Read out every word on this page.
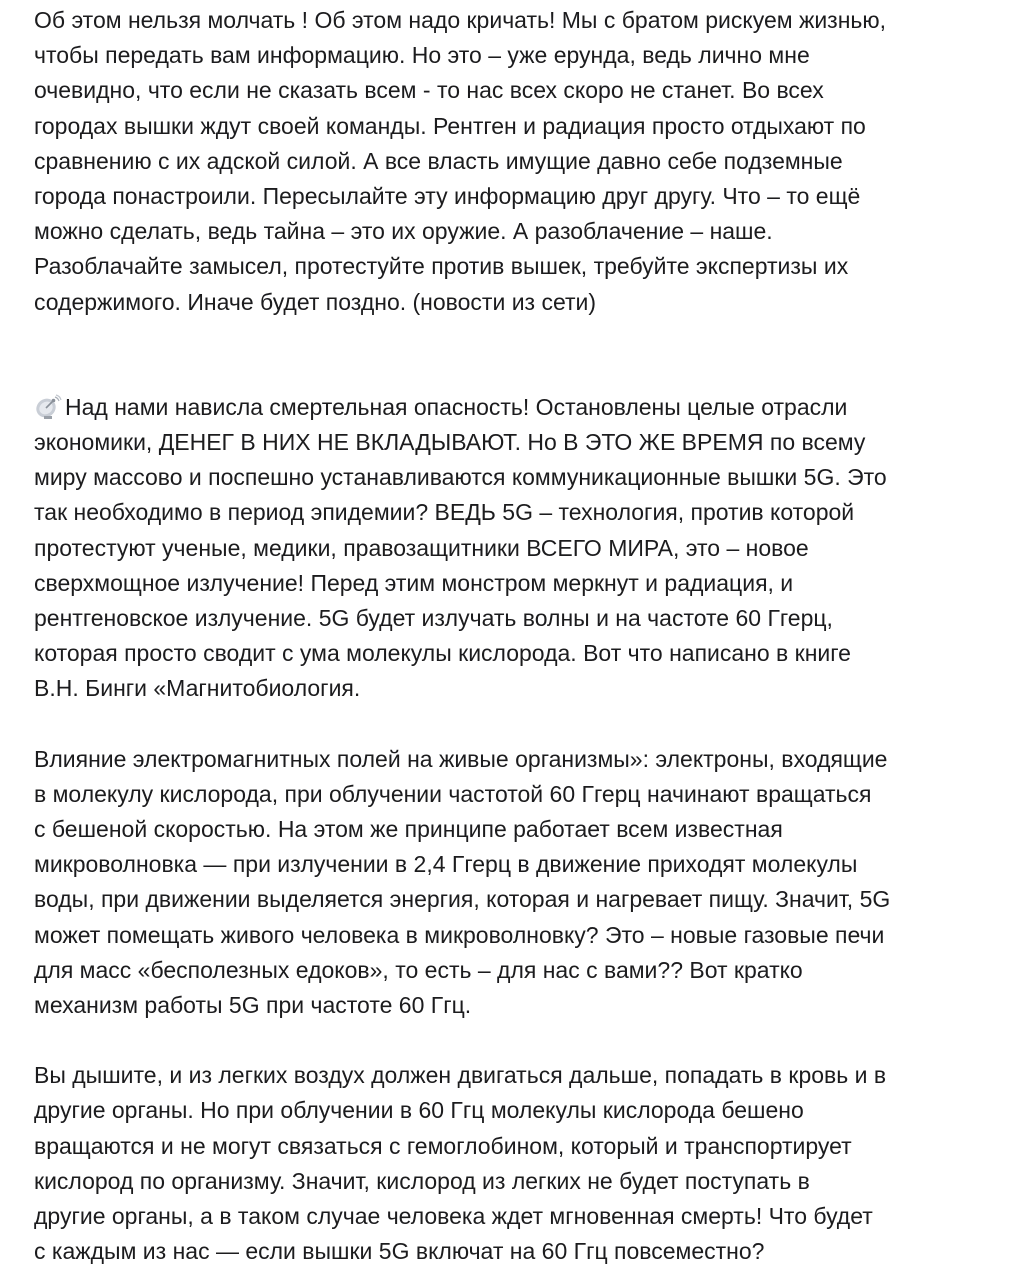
Об этом нельзя молчать ! Об этом надо кричать! Мы с братом рискуем жизнью,
чтобы передать вам информацию. Но это – уже ерунда, ведь лично мне
очевидно, что если не сказать всем - то нас всех скоро не станет. Во всех
городах вышки ждут своей команды. Рентген и радиация просто отдыхают по
сравнению с их адской силой. А все власть имущие давно себе подземные
города понастроили. Пересылайте эту информацию друг другу. Что – то ещё
можно сделать, ведь тайна – это их оружие. А разоблачение – наше.
Разоблачайте замысел, протестуйте против вышек, требуйте экспертизы их
содержимого. Иначе будет поздно. (новости из сети)

Над нами нависла смертельная опасность! Остановлены целые отрасли
экономики, ДЕНЕГ В НИХ НЕ ВКЛАДЫВАЮТ. Но В ЭТО ЖЕ ВРЕМЯ по всему
миру массово и поспешно устанавливаются коммуникационные вышки 5G. Это
так необходимо в период эпидемии? ВЕДЬ 5G – технология, против которой
протестуют ученые, медики, правозащитники ВСЕГО МИРА, это – новое
сверхмощное излучение! Перед этим монстром меркнут и радиация, и
рентгеновское излучение. 5G будет излучать волны и на частоте 60 Ггерц,
которая просто сводит с ума молекулы кислорода. Вот что написано в книге
В.Н. Бинги «Магнитобиология.

Влияние электромагнитных полей на живые организмы»: электроны, входящие
в молекулу кислорода, при облучении частотой 60 Ггерц начинают вращаться
с бешеной скоростью. На этом же принципе работает всем известная
микроволновка — при излучении в 2,4 Ггерц в движение приходят молекулы
воды, при движении выделяется энергия, которая и нагревает пищу. Значит, 5G
может помещать живого человека в микроволновку? Это – новые газовые печи
для масс «бесполезных едоков», то есть – для нас с вами?? Вот кратко
механизм работы 5G при частоте 60 Ггц.

Вы дышите, и из легких воздух должен двигаться дальше, попадать в кровь и в
другие органы. Но при облучении в 60 Ггц молекулы кислорода бешено
вращаются и не могут связаться с гемоглобином, который и транспортирует
кислород по организму. Значит, кислород из легких не будет поступать в
другие органы, а в таком случае человека ждет мгновенная смерть! Что будет
с каждым из нас — если вышки 5G включат на 60 Ггц повсеместно?
